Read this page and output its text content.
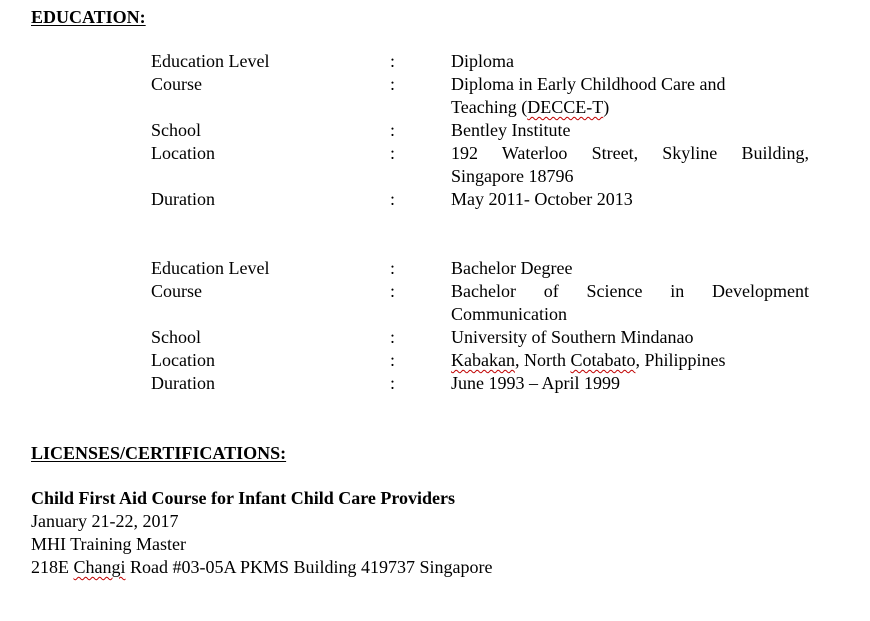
EDUCATION:
Education Level	:	Diploma
Course	:	Diploma in Early Childhood Care and
Teaching (DECCE-T)
School	:	Bentley Institute
Location	:	192 Waterloo Street, Skyline Building,
Singapore 18796
Duration	:	May 2011- October 2013
Education Level	:	Bachelor Degree
Course	:	Bachelor of Science in Development
Communication
School	:	University of Southern Mindanao
Location	:	Kabakan, North Cotabato, Philippines
Duration	:	June 1993 – April 1999
LICENSES/CERTIFICATIONS:

Child First Aid Course for Infant Child Care Providers

January 21-22, 2017

MHI Training Master

218E Changi Road #03-05A PKMS Building 419737 Singapore
